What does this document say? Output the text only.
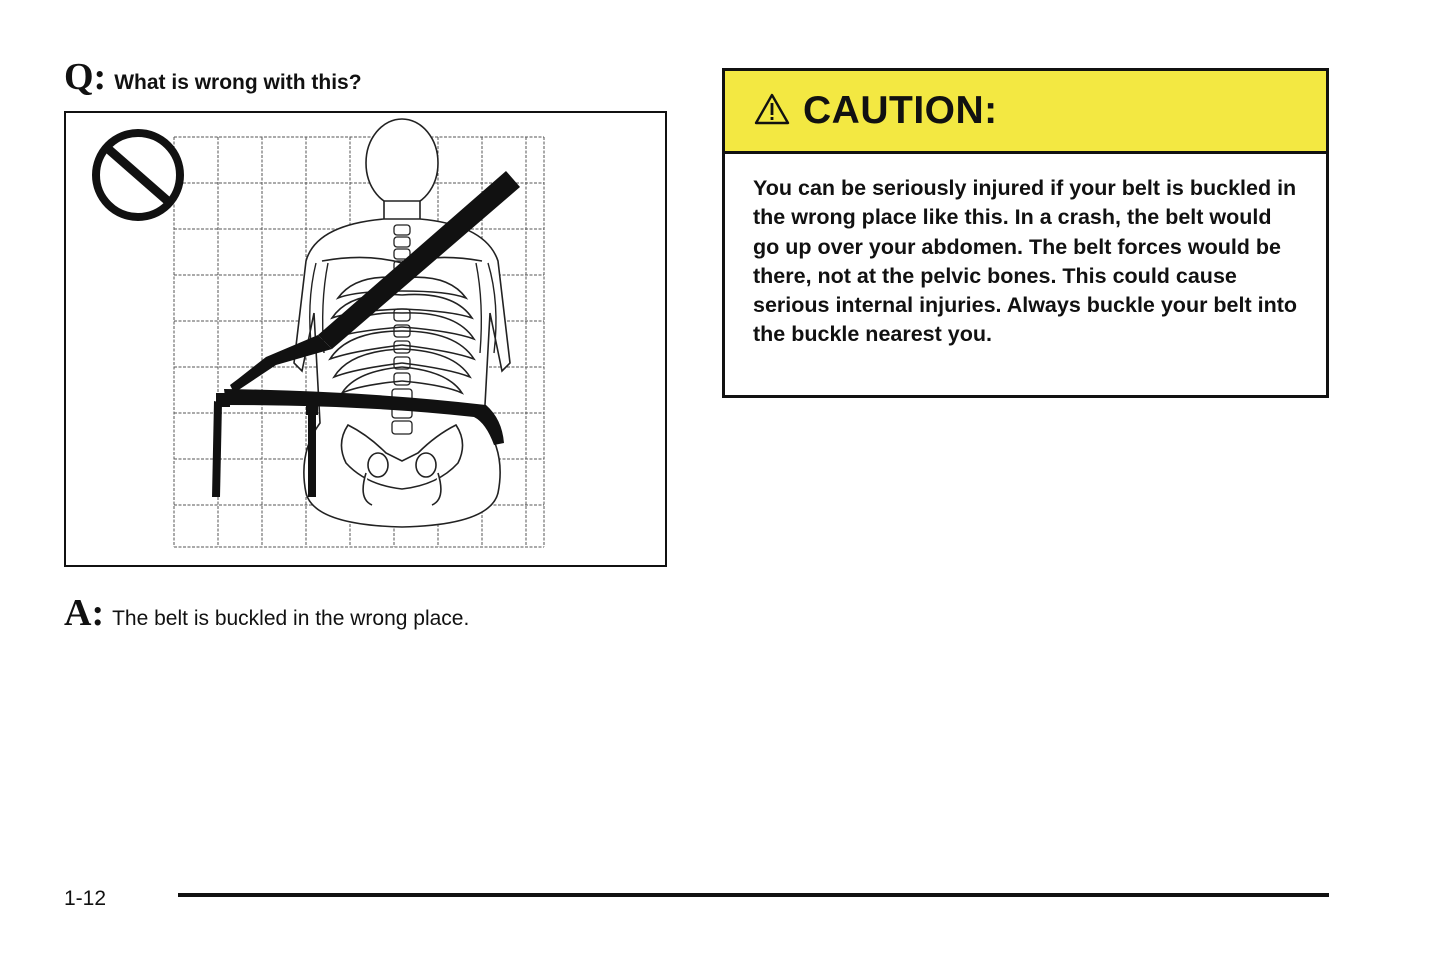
Q: What is wrong with this?
A: The belt is buckled in the wrong place.
CAUTION:
You can be seriously injured if your belt is buckled in the wrong place like this. In a crash, the belt would go up over your abdomen. The belt forces would be there, not at the pelvic bones. This could cause serious internal injuries. Always buckle your belt into the buckle nearest you.
1-12
